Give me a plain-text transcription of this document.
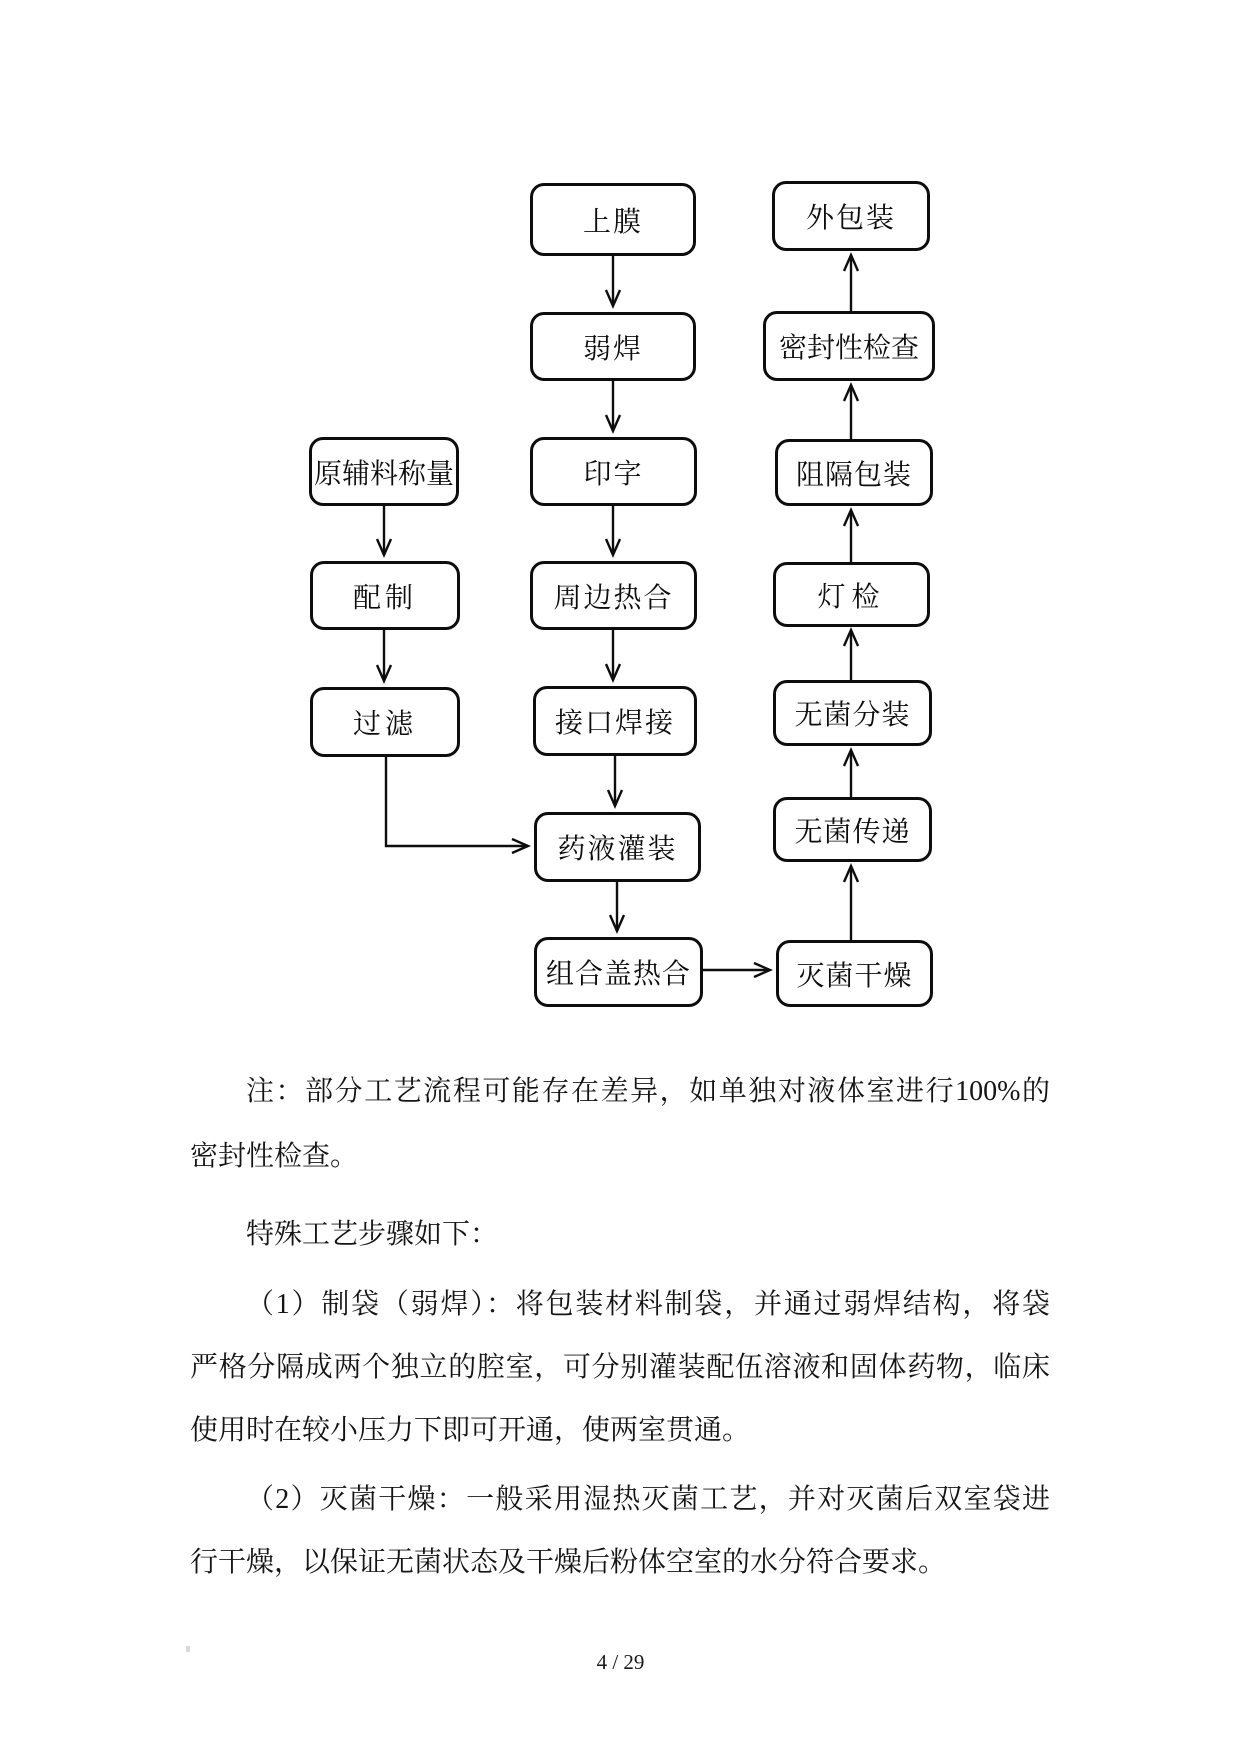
上膜
弱焊
印字
周边热合
接口焊接
药液灌装
组合盖热合
原辅料称量
配制
过滤
外包装
密封性检查
阻隔包装
灯检
无菌分装
无菌传递
灭菌干燥
注：部分工艺流程可能存在差异，如单独对液体室进行100%的
密封性检查。
特殊工艺步骤如下：
（1）制袋（弱焊）：将包装材料制袋，并通过弱焊结构，将袋
严格分隔成两个独立的腔室，可分别灌装配伍溶液和固体药物，临床
使用时在较小压力下即可开通，使两室贯通。
（2）灭菌干燥：一般采用湿热灭菌工艺，并对灭菌后双室袋进
行干燥，以保证无菌状态及干燥后粉体空室的水分符合要求。
4 / 29
